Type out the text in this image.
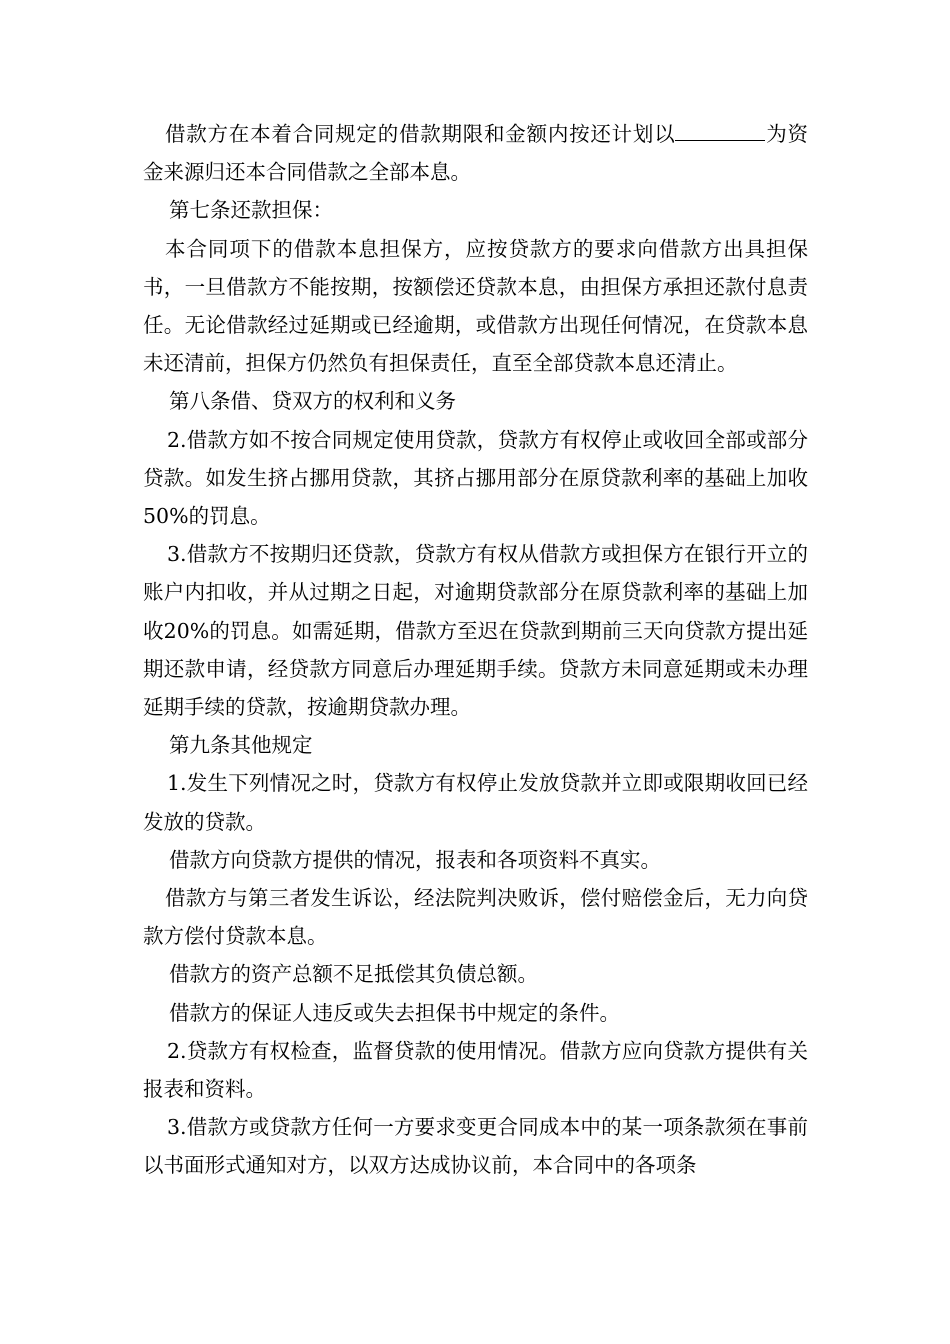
借款方在本着合同规定的借款期限和金额内按还计划以	为资金来源归还本合同借款之全部本息。

第七条还款担保：

本合同项下的借款本息担保方，应按贷款方的要求向借款方出具担保书，一旦借款方不能按期，按额偿还贷款本息，由担保方承担还款付息责任。无论借款经过延期或已经逾期，或借款方出现任何情况，在贷款本息未还清前，担保方仍然负有担保责任，直至全部贷款本息还清止。

第八条借、贷双方的权利和义务

2.借款方如不按合同规定使用贷款，贷款方有权停止或收回全部或部分贷款。如发生挤占挪用贷款，其挤占挪用部分在原贷款利率的基础上加收50%的罚息。

3.借款方不按期归还贷款，贷款方有权从借款方或担保方在银行开立的账户内扣收，并从过期之日起，对逾期贷款部分在原贷款利率的基础上加收20%的罚息。如需延期，借款方至迟在贷款到期前三天向贷款方提出延期还款申请，经贷款方同意后办理延期手续。贷款方未同意延期或未办理延期手续的贷款，按逾期贷款办理。

第九条其他规定

1.发生下列情况之时，贷款方有权停止发放贷款并立即或限期收回已经发放的贷款。

借款方向贷款方提供的情况，报表和各项资料不真实。

借款方与第三者发生诉讼，经法院判决败诉，偿付赔偿金后，无力向贷款方偿付贷款本息。

借款方的资产总额不足抵偿其负债总额。

借款方的保证人违反或失去担保书中规定的条件。

2.贷款方有权检查，监督贷款的使用情况。借款方应向贷款方提供有关报表和资料。

3.借款方或贷款方任何一方要求变更合同成本中的某一项条款须在事前以书面形式通知对方，以双方达成协议前，本合同中的各项条
